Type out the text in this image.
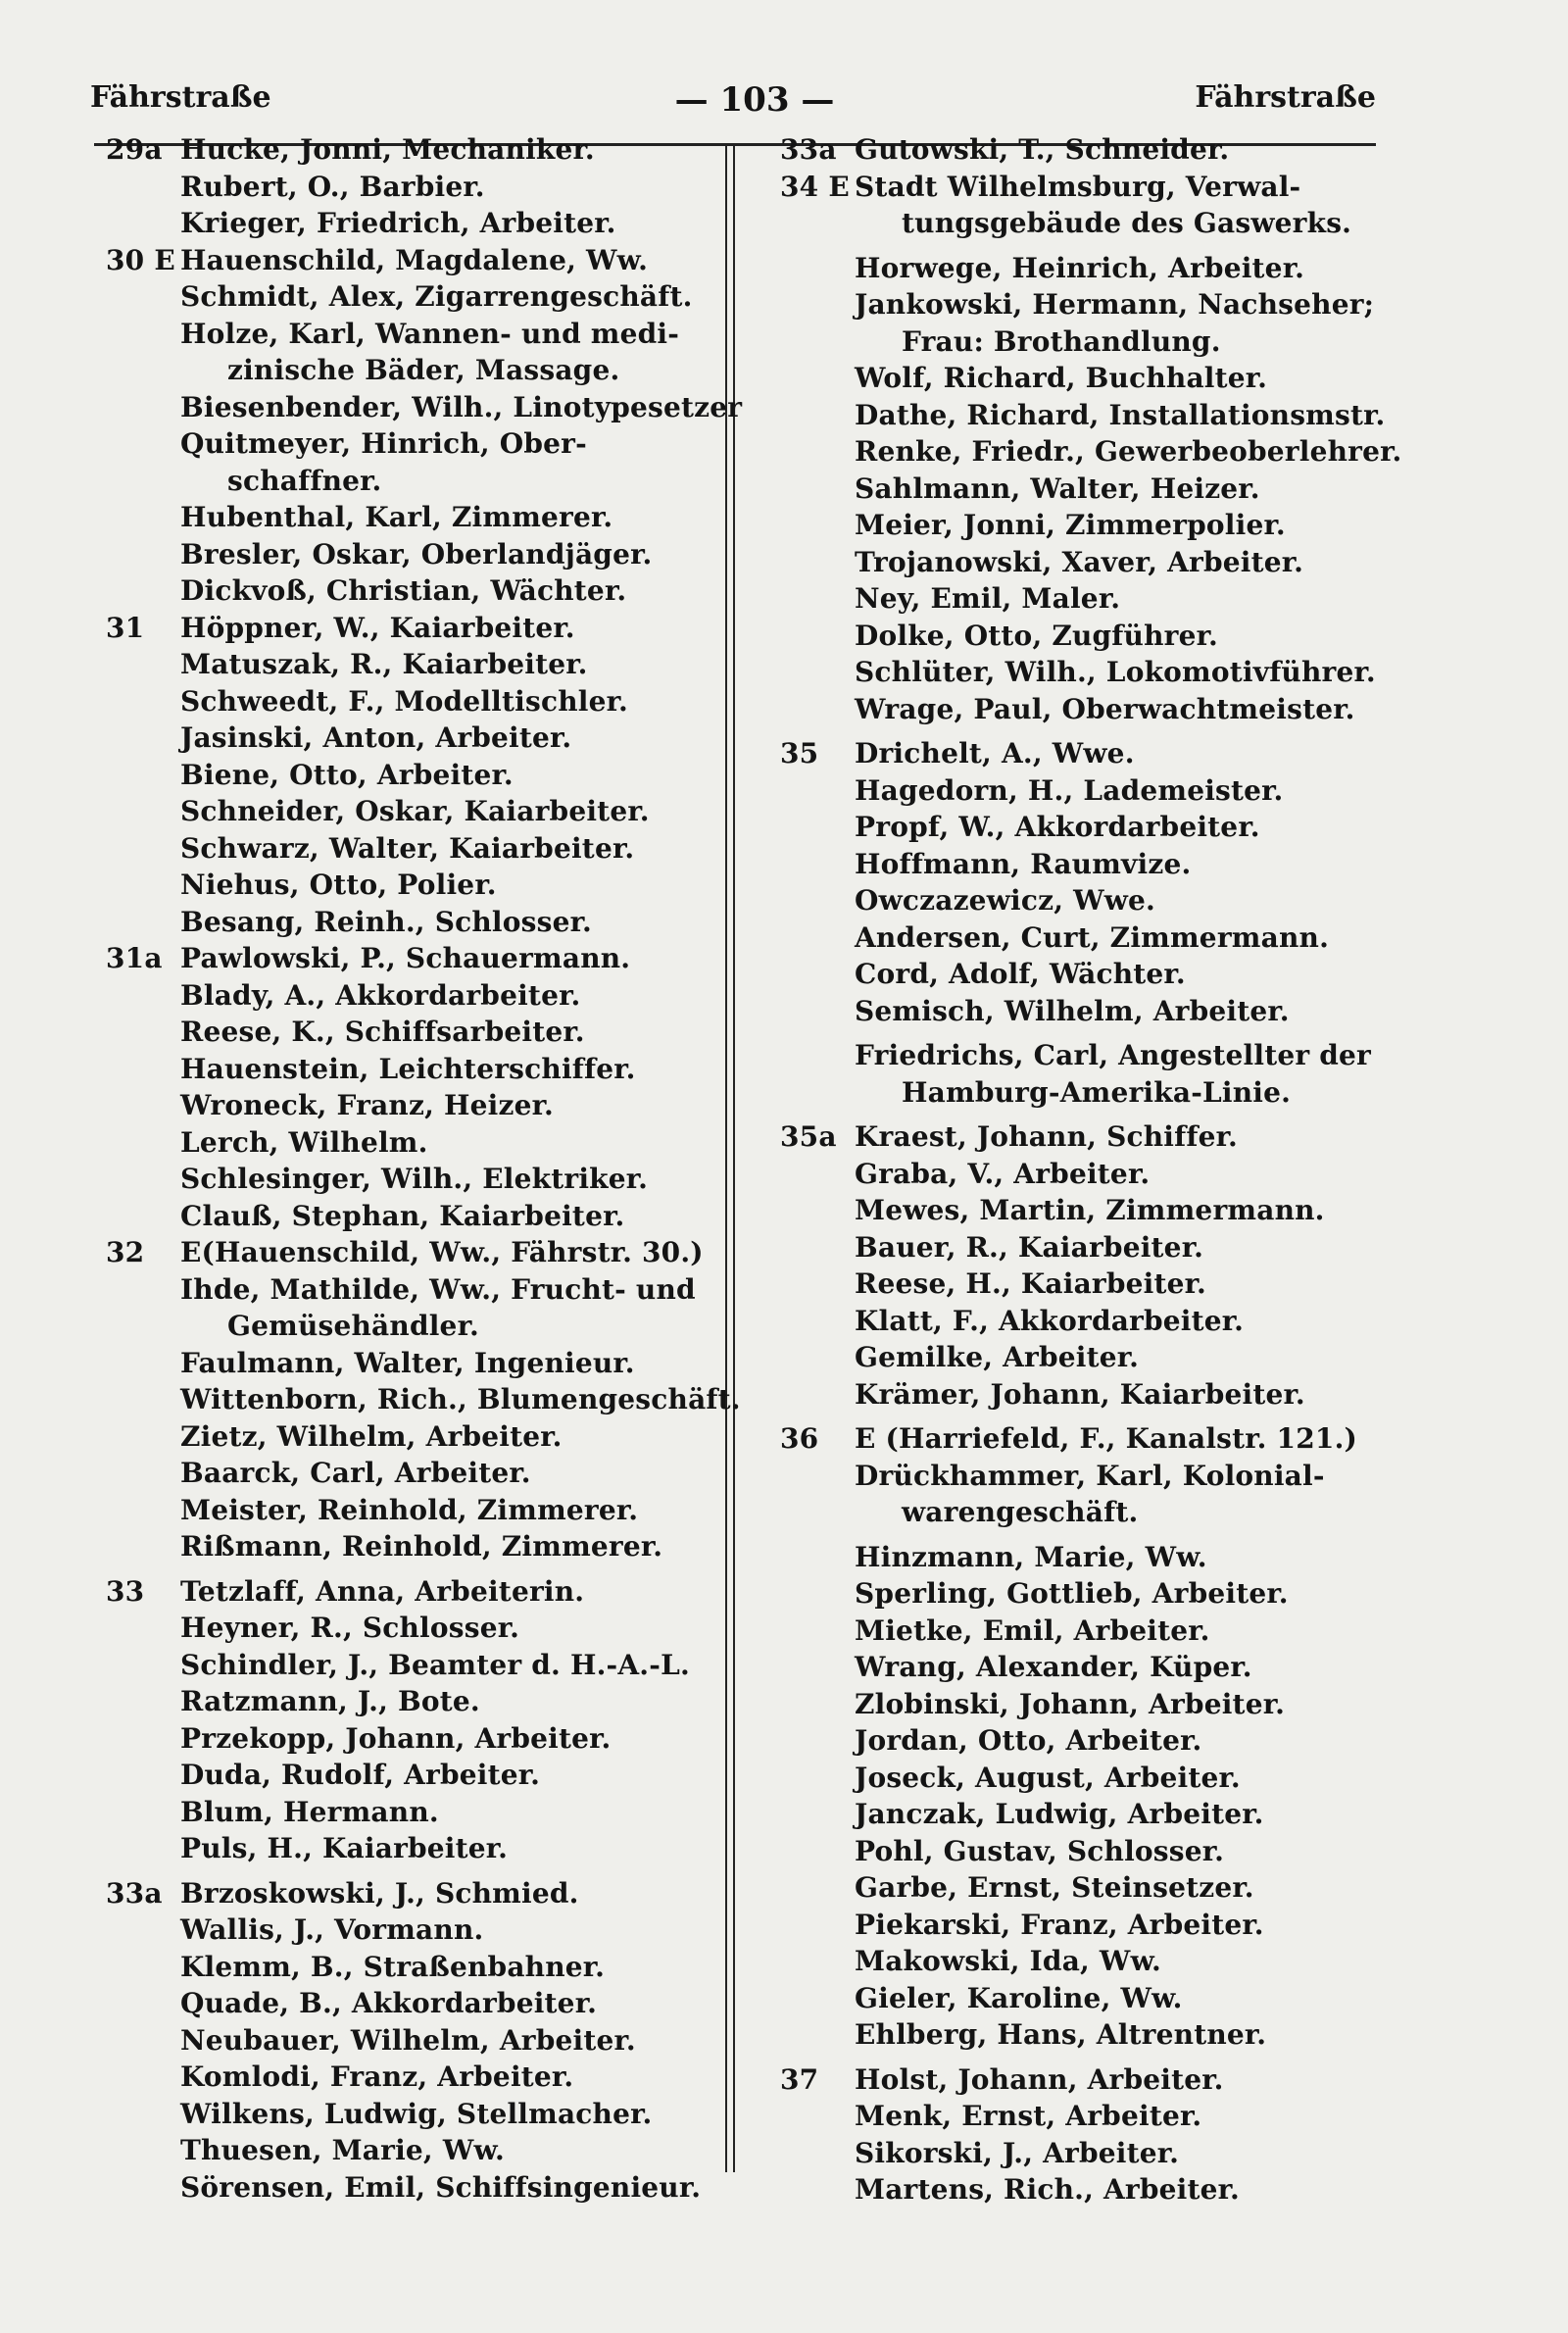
Fährstraße	— 103 —	Fährstraße
29a Hucke, Jonni, Mechaniker.
Rubert, O., Barbier.
Krieger, Friedrich, Arbeiter.
30 E Hauenschild, Magdalene, Ww.
Schmidt, Alex, Zigarrengeschäft.
Holze, Karl, Wannen- und medi-
zinische Bäder, Massage.
Biesenbender, Wilh., Linotypesetzer
Quitmeyer, Hinrich, Ober-
schaffner.
Hubenthal, Karl, Zimmerer.
Bresler, Oskar, Oberlandjäger.
Dickvoß, Christian, Wächter.
31	Höppner, W., Kaiarbeiter.
Matuszak, R., Kaiarbeiter.
Schweedt, F., Modelltischler.
Jasinski, Anton, Arbeiter.
Biene, Otto, Arbeiter.
Schneider, Oskar, Kaiarbeiter.
Schwarz, Walter, Kaiarbeiter.
Niehus, Otto, Polier.
Besang, Reinh., Schlosser.
31a Pawlowski, P., Schauermann.
Blady, A., Akkordarbeiter.
Reese, K., Schiffsarbeiter.
Hauenstein, Leichterschiffer.
Wroneck, Franz, Heizer.
Lerch, Wilhelm.
Schlesinger, Wilh., Elektriker.
Clauß, Stephan, Kaiarbeiter.
32	E(Hauenschild, Ww., Fährstr. 30.)
Ihde, Mathilde, Ww., Frucht- und
Gemüsehändler.
Faulmann, Walter, Ingenieur.
Wittenborn, Rich., Blumengeschäft.
Zietz, Wilhelm, Arbeiter.
Baarck, Carl, Arbeiter.
Meister, Reinhold, Zimmerer.
Rißmann, Reinhold, Zimmerer.
33	Tetzlaff, Anna, Arbeiterin.
Heyner, R., Schlosser.
Schindler, J., Beamter d. H.-A.-L.
Ratzmann, J., Bote.
Przekopp, Johann, Arbeiter.
Duda, Rudolf, Arbeiter.
Blum, Hermann.
Puls, H., Kaiarbeiter.
33a Brzoskowski, J., Schmied.
Wallis, J., Vormann.
Klemm, B., Straßenbahner.
Quade, B., Akkordarbeiter.
Neubauer, Wilhelm, Arbeiter.
Komlodi, Franz, Arbeiter.
Wilkens, Ludwig, Stellmacher.
Thuesen, Marie, Ww.
Sörensen, Emil, Schiffsingenieur.
33a Gutowski, T., Schneider.
34 E Stadt Wilhelmsburg, Verwal-
tungsgebäude des Gaswerks.
Horwege, Heinrich, Arbeiter.
Jankowski, Hermann, Nachseher;
Frau: Brothandlung.
Wolf, Richard, Buchhalter.
Dathe, Richard, Installationsmstr.
Renke, Friedr., Gewerbeoberlehrer.
Sahlmann, Walter, Heizer.
Meier, Jonni, Zimmerpolier.
Trojanowski, Xaver, Arbeiter.
Ney, Emil, Maler.
Dolke, Otto, Zugführer.
Schlüter, Wilh., Lokomotivführer.
Wrage, Paul, Oberwachtmeister.
35	Drichelt, A., Wwe.
Hagedorn, H., Lademeister.
Propf, W., Akkordarbeiter.
Hoffmann, Raumvize.
Owczazewicz, Wwe.
Andersen, Curt, Zimmermann.
Cord, Adolf, Wächter.
Semisch, Wilhelm, Arbeiter.
Friedrichs, Carl, Angestellter der
Hamburg-Amerika-Linie.
35a Kraest, Johann, Schiffer.
Graba, V., Arbeiter.
Mewes, Martin, Zimmermann.
Bauer, R., Kaiarbeiter.
Reese, H., Kaiarbeiter.
Klatt, F., Akkordarbeiter.
Gemilke, Arbeiter.
Krämer, Johann, Kaiarbeiter.
36	E (Harriefeld, F., Kanalstr. 121.)
Drückhammer, Karl, Kolonial-
warengeschäft.
Hinzmann, Marie, Ww.
Sperling, Gottlieb, Arbeiter.
Mietke, Emil, Arbeiter.
Wrang, Alexander, Küper.
Zlobinski, Johann, Arbeiter.
Jordan, Otto, Arbeiter.
Joseck, August, Arbeiter.
Janczak, Ludwig, Arbeiter.
Pohl, Gustav, Schlosser.
Garbe, Ernst, Steinsetzer.
Piekarski, Franz, Arbeiter.
Makowski, Ida, Ww.
Gieler, Karoline, Ww.
Ehlberg, Hans, Altrentner.
37	Holst, Johann, Arbeiter.
Menk, Ernst, Arbeiter.
Sikorski, J., Arbeiter.
Martens, Rich., Arbeiter.
